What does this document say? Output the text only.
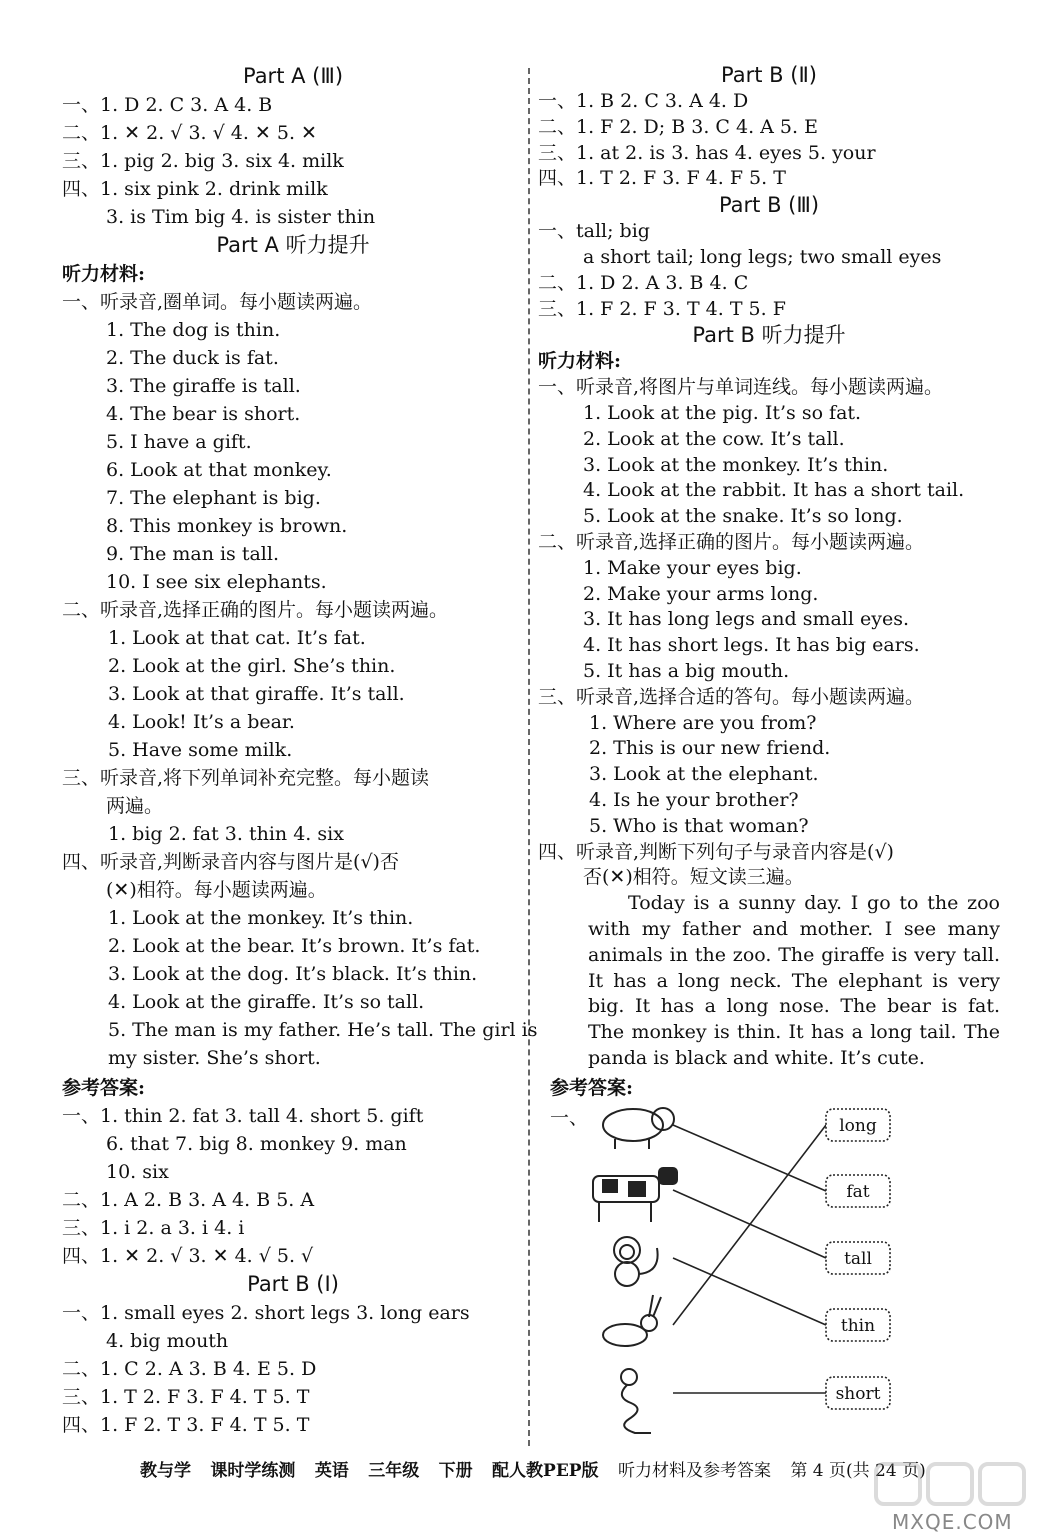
Part A (Ⅲ)
一、1. D 2. C 3. A 4. B
二、1. ✕ 2. √ 3. √ 4. ✕ 5. ✕
三、1. pig 2. big 3. six 4. milk
四、1. six pink 2. drink milk
3. is Tim big 4. is sister thin
Part A 听力提升
听力材料:
一、听录音,圈单词。每小题读两遍。
1. The dog is thin.
2. The duck is fat.
3. The giraffe is tall.
4. The bear is short.
5. I have a gift.
6. Look at that monkey.
7. The elephant is big.
8. This monkey is brown.
9. The man is tall.
10. I see six elephants.
二、听录音,选择正确的图片。每小题读两遍。
1. Look at that cat. It’s fat.
2. Look at the girl. She’s thin.
3. Look at that giraffe. It’s tall.
4. Look! It’s a bear.
5. Have some milk.
三、听录音,将下列单词补充完整。每小题读
两遍。
1. big 2. fat 3. thin 4. six
四、听录音,判断录音内容与图片是(√)否
(✕)相符。每小题读两遍。
1. Look at the monkey. It’s thin.
2. Look at the bear. It’s brown. It’s fat.
3. Look at the dog. It’s black. It’s thin.
4. Look at the giraffe. It’s so tall.
5. The man is my father. He’s tall. The girl is
my sister. She’s short.
参考答案:
一、1. thin 2. fat 3. tall 4. short 5. gift
6. that 7. big 8. monkey 9. man
10. six
二、1. A 2. B 3. A 4. B 5. A
三、1. i 2. a 3. i 4. i
四、1. ✕ 2. √ 3. ✕ 4. √ 5. √
Part B (Ⅰ)
一、1. small eyes 2. short legs 3. long ears
4. big mouth
二、1. C 2. A 3. B 4. E 5. D
三、1. T 2. F 3. F 4. T 5. T
四、1. F 2. T 3. F 4. T 5. T
Part B (Ⅱ)
一、1. B 2. C 3. A 4. D
二、1. F 2. D; B 3. C 4. A 5. E
三、1. at 2. is 3. has 4. eyes 5. your
四、1. T 2. F 3. F 4. F 5. T
Part B (Ⅲ)
一、tall; big
a short tail; long legs; two small eyes
二、1. D 2. A 3. B 4. C
三、1. F 2. F 3. T 4. T 5. F
Part B 听力提升
听力材料:
一、听录音,将图片与单词连线。每小题读两遍。
1. Look at the pig. It’s so fat.
2. Look at the cow. It’s tall.
3. Look at the monkey. It’s thin.
4. Look at the rabbit. It has a short tail.
5. Look at the snake. It’s so long.
二、听录音,选择正确的图片。每小题读两遍。
1. Make your eyes big.
2. Make your arms long.
3. It has long legs and small eyes.
4. It has short legs. It has big ears.
5. It has a big mouth.
三、听录音,选择合适的答句。每小题读两遍。
1. Where are you from?
2. This is our new friend.
3. Look at the elephant.
4. Is he your brother?
5. Who is that woman?
四、听录音,判断下列句子与录音内容是(√)
否(✕)相符。短文读三遍。
Today is a sunny day. I go to the zoo with my father and mother. I see many animals in the zoo. The giraffe is very tall. It has a long neck. The elephant is very big. It has a long nose. The bear is fat. The monkey is thin. It has a long tail. The panda is black and white. It’s cute.
参考答案:
一、	long
fat
tall
thin
short
教与学 课时学练测 英语 三年级 下册 配人教PEP版 听力材料及参考答案 第 4 页(共 24 页)
MXQE.COM
